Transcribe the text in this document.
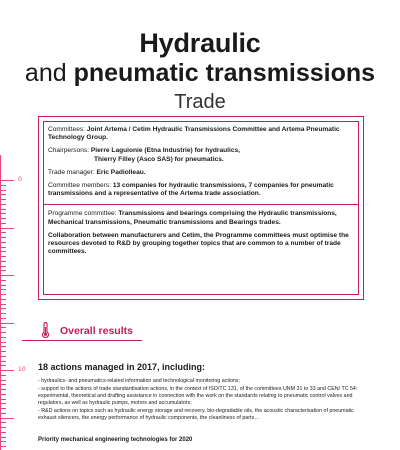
Hydraulic
and pneumatic transmissions
Trade
0
10

Committees: Joint Artema / Cetim Hydraulic Transmissions Committee and Artema Pneumatic Technology Group.

Chairpersons: Pierre Laguionie (Etna Industrie) for hydraulics,
Thierry Filley (Asco SAS) for pneumatics.

Trade manager: Eric Padiolleau.

Committee members: 13 companies for hydraulic transmissions, 7 companies for pneumatic transmissions and a representative of the Artema trade association.

Programme committee: Transmissions and bearings comprising the Hydraulic transmissions, Mechanical transmissions, Pneumatic transmissions and Bearings trades.

Collaboration between manufacturers and Cetim, the Programme committees must optimise the resources devoted to R&D by grouping together topics that are common to a number of trade committees.

Overall results
18 actions managed in 2017, including:
- hydraulics- and pneumatics-related information and technological monitoring actions;
- support to the actions of trade standardisation actions, in the context of ISO/TC 131, of the committees UNM 31 to 33 and CEN/ TC 54: experimental, theoretical and drafting assistance in connection with the work on the standards relating to pneumatic control valves and regulators, as well as hydraulic pumps, motors and accumulators;
- R&D actions on topics such as hydraulic energy storage and recovery, bio-degradable oils, the acoustic characterisation of pneumatic exhaust silencers, the energy performance of hydraulic components, the cleanliness of parts…
Priority mechanical engineering technologies for 2020
